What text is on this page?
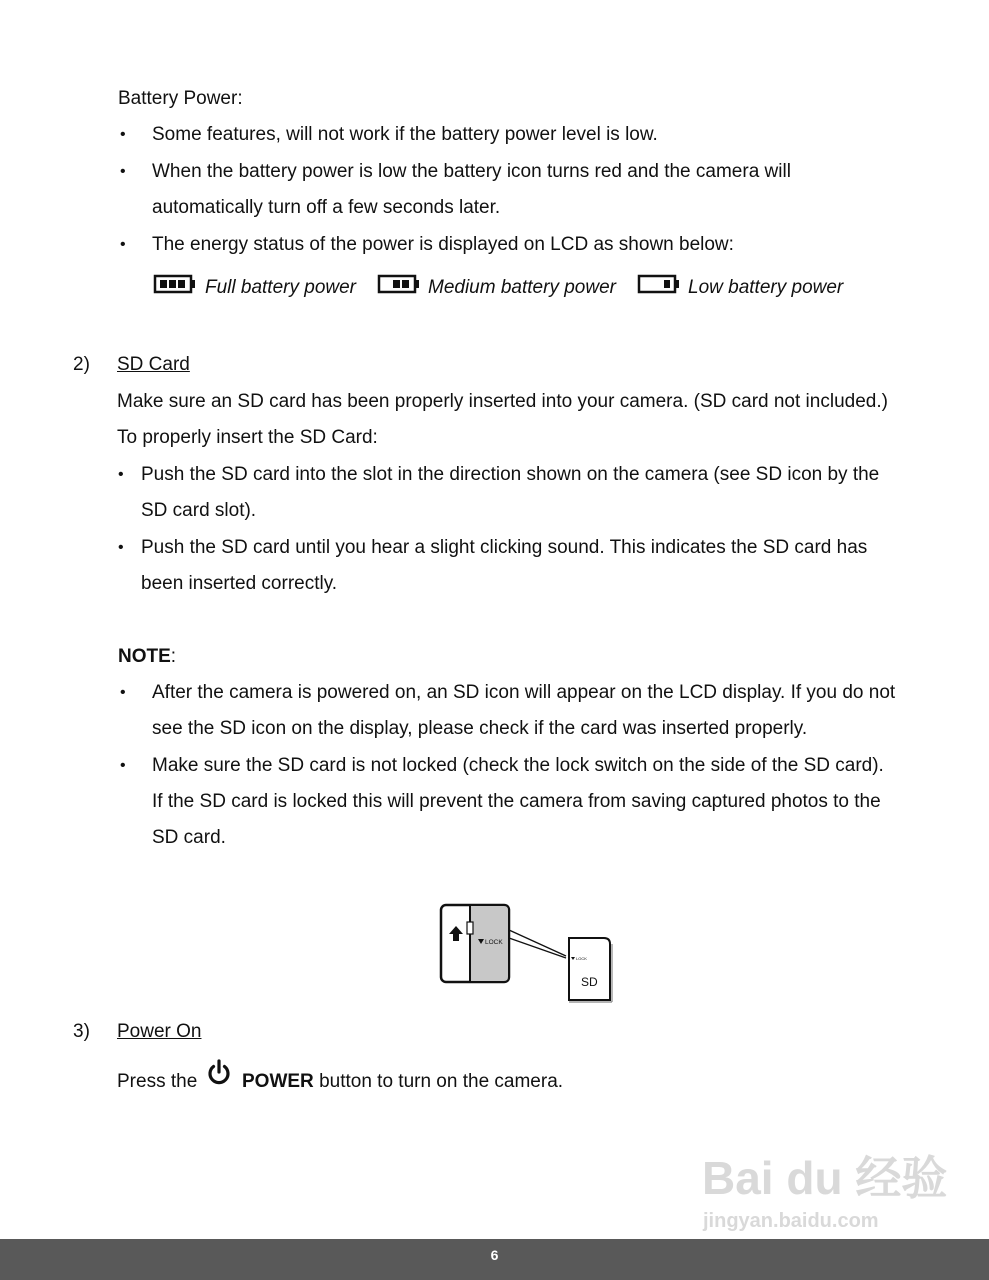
Battery Power:
• Some features, will not work if the battery power level is low.
• When the battery power is low the battery icon turns red and the camera will
automatically turn off a few seconds later.
• The energy status of the power is displayed on LCD as shown below:
Full battery power	Medium battery power	Low battery power
2) SD Card
Make sure an SD card has been properly inserted into your camera. (SD card not included.)
To properly insert the SD Card:
• Push the SD card into the slot in the direction shown on the camera (see SD icon by the
SD card slot).
• Push the SD card until you hear a slight clicking sound. This indicates the SD card has
been inserted correctly.
NOTE:
• After the camera is powered on, an SD icon will appear on the LCD display. If you do not
see the SD icon on the display, please check if the card was inserted properly.
• Make sure the SD card is not locked (check the lock switch on the side of the SD card).
If the SD card is locked this will prevent the camera from saving captured photos to the
SD card.
LOCK
LOCK
SD
3) Power On
Press the POWER button to turn on the camera.
Bai du 经验
jingyan.baidu.com
6
